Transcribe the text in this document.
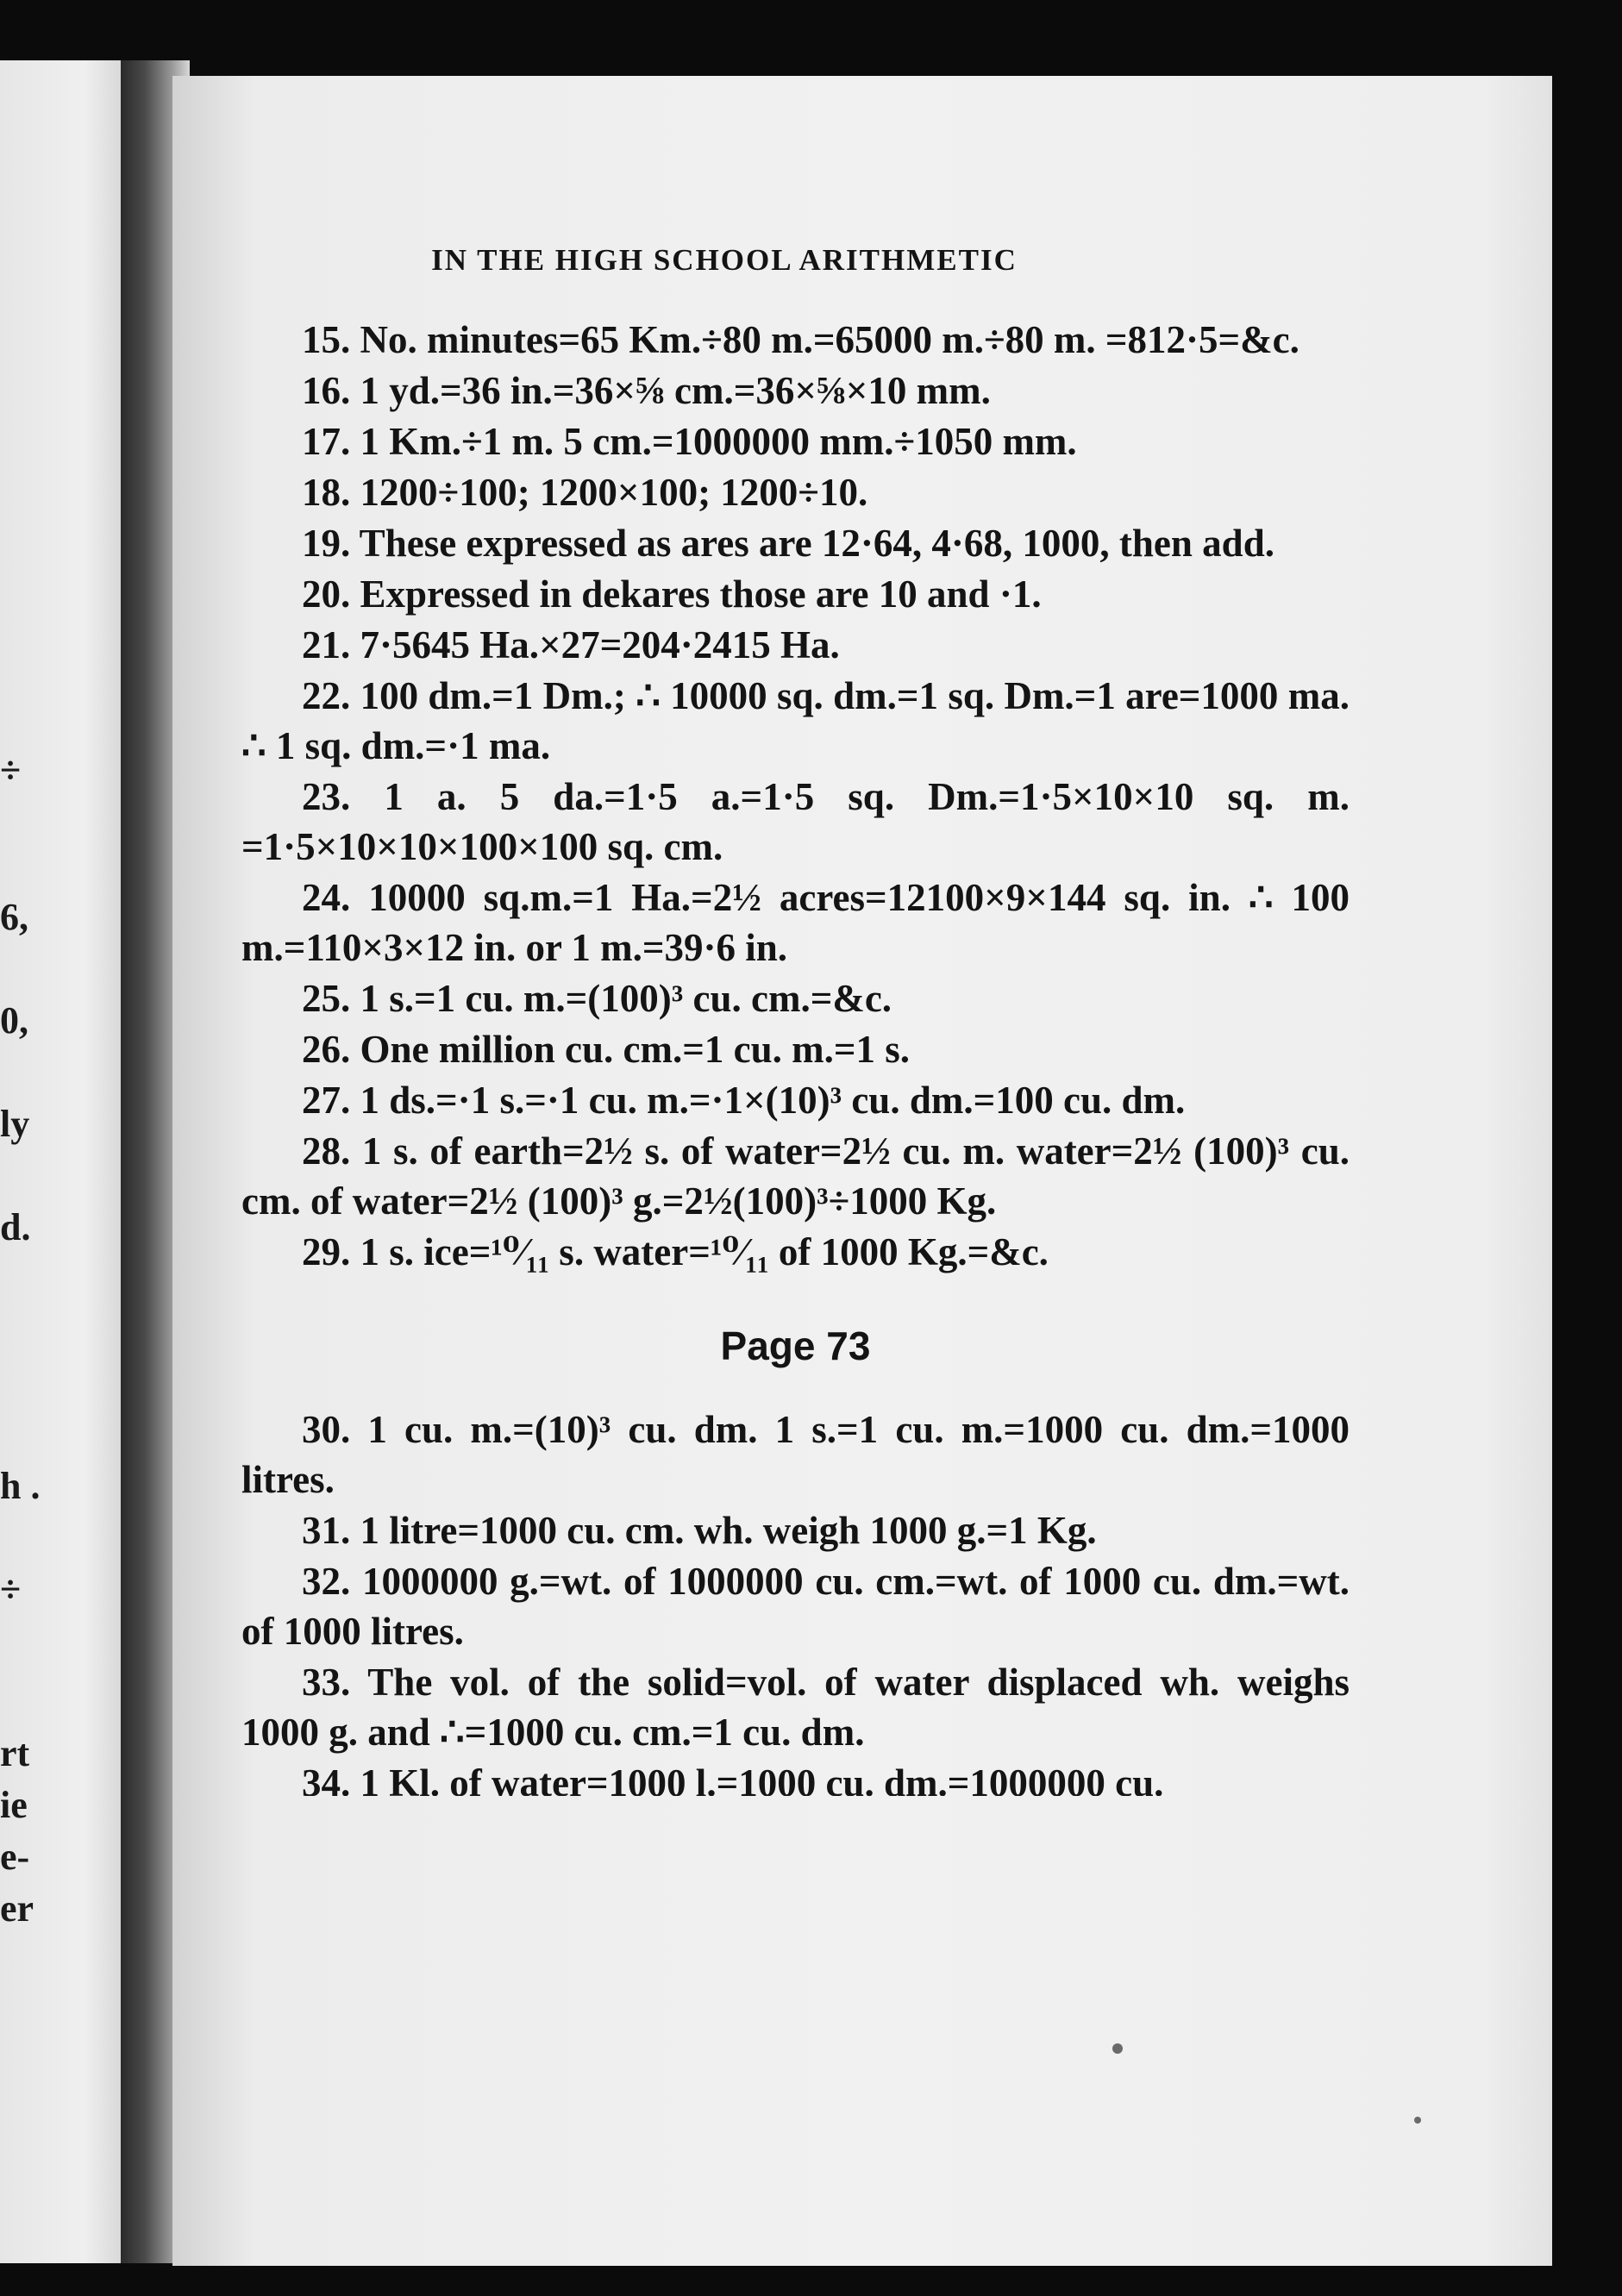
÷
6,
0,
ly
d.
h .
÷
rt
ie
e-
er
IN THE HIGH SCHOOL ARITHMETIC

15. No. minutes=65 Km.÷80 m.=65000 m.÷80 m. =812·5=&c.

16. 1 yd.=36 in.=36×⅝ cm.=36×⅝×10 mm.

17. 1 Km.÷1 m. 5 cm.=1000000 mm.÷1050 mm.

18. 1200÷100; 1200×100; 1200÷10.

19. These expressed as ares are 12·64, 4·68, 1000, then add.

20. Expressed in dekares those are 10 and ·1.

21. 7·5645 Ha.×27=204·2415 Ha.

22. 100 dm.=1 Dm.; ∴ 10000 sq. dm.=1 sq. Dm.=1 are=1000 ma. ∴ 1 sq. dm.=·1 ma.

23. 1 a. 5 da.=1·5 a.=1·5 sq. Dm.=1·5×10×10 sq. m. =1·5×10×10×100×100 sq. cm.

24. 10000 sq.m.=1 Ha.=2½ acres=12100×9×144 sq. in. ∴ 100 m.=110×3×12 in. or 1 m.=39·6 in.

25. 1 s.=1 cu. m.=(100)³ cu. cm.=&c.

26. One million cu. cm.=1 cu. m.=1 s.

27. 1 ds.=·1 s.=·1 cu. m.=·1×(10)³ cu. dm.=100 cu. dm.

28. 1 s. of earth=2½ s. of water=2½ cu. m. water=2½ (100)³ cu. cm. of water=2½ (100)³ g.=2½(100)³÷1000 Kg.

29. 1 s. ice=¹⁰⁄₁₁ s. water=¹⁰⁄₁₁ of 1000 Kg.=&c.

Page 73

30. 1 cu. m.=(10)³ cu. dm. 1 s.=1 cu. m.=1000 cu. dm.=1000 litres.

31. 1 litre=1000 cu. cm. wh. weigh 1000 g.=1 Kg.

32. 1000000 g.=wt. of 1000000 cu. cm.=wt. of 1000 cu. dm.=wt. of 1000 litres.

33. The vol. of the solid=vol. of water displaced wh. weighs 1000 g. and ∴=1000 cu. cm.=1 cu. dm.

34. 1 Kl. of water=1000 l.=1000 cu. dm.=1000000 cu.
